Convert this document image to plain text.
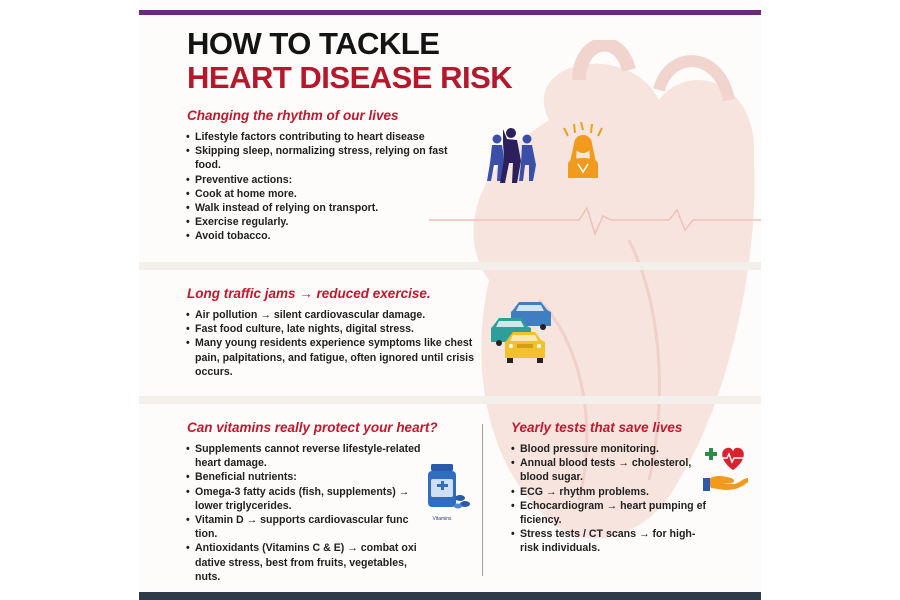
HOW TO TACKLE
HEART DISEASE RISK
Changing the rhythm of our lives
• Lifestyle factors contributing to heart disease
• Skipping sleep, normalizing stress, relying on fast food.
• Preventive actions:
• Cook at home more.
• Walk instead of relying on transport.
• Exercise regularly.
• Avoid tobacco.
Long traffic jams → reduced exercise.
• Air pollution → silent cardiovascular damage.
• Fast food culture, late nights, digital stress.
• Many young residents experience symptoms like chest pain, palpitations, and fatigue, often ignored until crisis occurs.
Can vitamins really protect your heart?
• Supplements cannot reverse lifestyle-related heart damage.
• Beneficial nutrients:
• Omega-3 fatty acids (fish, supplements) → lower triglycerides.
• Vitamin D → supports cardiovascular func tion.
• Antioxidants (Vitamins C & E) → combat oxi dative stress, best from fruits, vegetables, nuts.
Vitamins
Yearly tests that save lives
• Blood pressure monitoring.
• Annual blood tests → cholesterol, blood sugar.
• ECG → rhythm problems.
• Echocardiogram → heart pumping ef ficiency.
• Stress tests / CT scans → for high-risk individuals.
